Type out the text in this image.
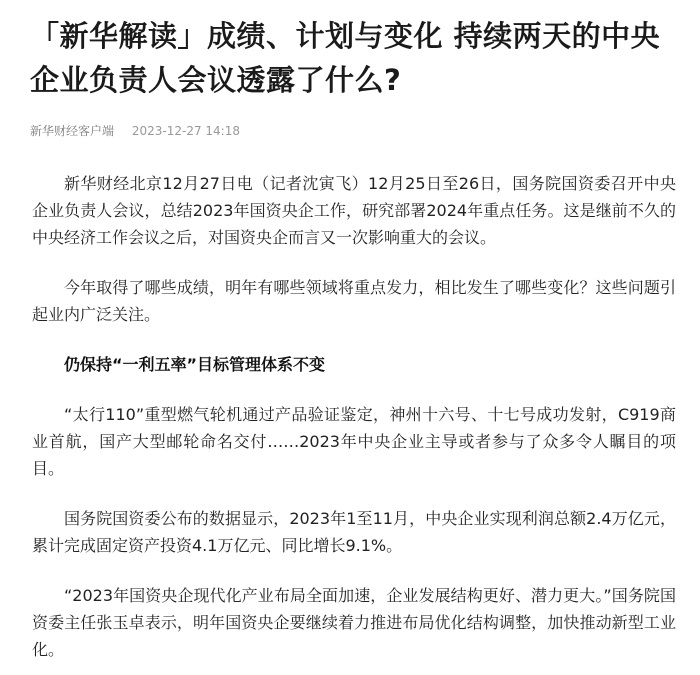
「新华解读」成绩、计划与变化 持续两天的中央企业负责人会议透露了什么?
新华财经客户端 2023-12-27 14:18

新华财经北京12月27日电（记者沈寅飞）12月25日至26日，国务院国资委召开中央企业负责人会议，总结2023年国资央企工作，研究部署2024年重点任务。这是继前不久的中央经济工作会议之后，对国资央企而言又一次影响重大的会议。

今年取得了哪些成绩，明年有哪些领域将重点发力，相比发生了哪些变化？这些问题引起业内广泛关注。

仍保持“一利五率”目标管理体系不变

“太行110”重型燃气轮机通过产品验证鉴定，神州十六号、十七号成功发射，C919商业首航，国产大型邮轮命名交付……2023年中央企业主导或者参与了众多令人瞩目的项目。

国务院国资委公布的数据显示，2023年1至11月，中央企业实现利润总额2.4万亿元，累计完成固定资产投资4.1万亿元、同比增长9.1%。

“2023年国资央企现代化产业布局全面加速，企业发展结构更好、潜力更大。”国务院国资委主任张玉卓表示，明年国资央企要继续着力推进布局优化结构调整，加快推动新型工业化。
